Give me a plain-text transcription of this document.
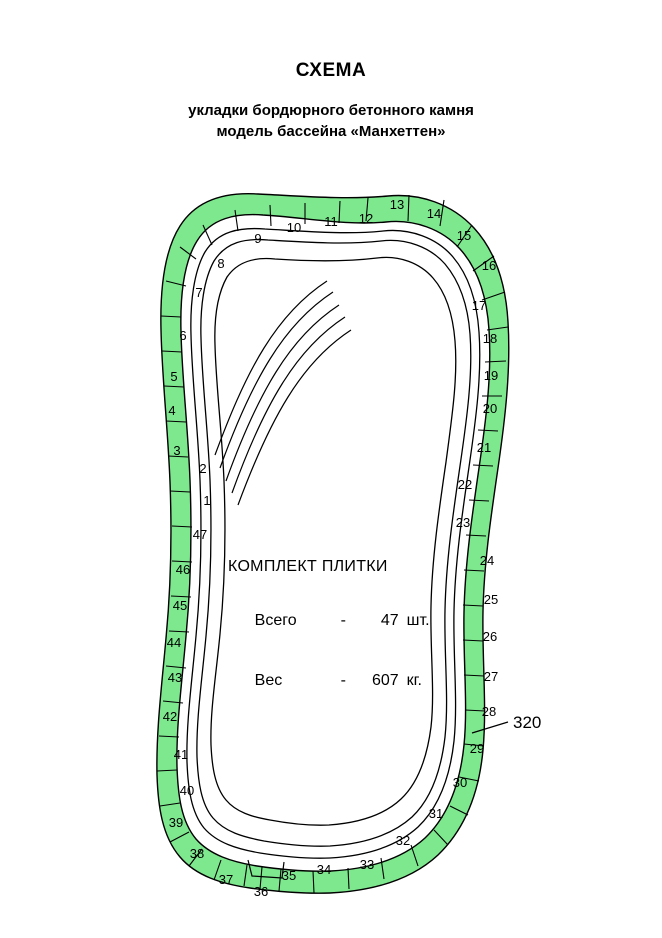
СХЕМА
укладки бордюрного бетонного камня
модель бассейна «Манхеттен»
1
2
3
4
5
6
7
8
9
10 11 12
13
14
15
16
17
18
19
20
21
22
23
24
25
26
27
28
29
30
31
32
33
34
35
36
37
38
39
40
41
42
43
44
45
46
47
КОМПЛЕКТ ПЛИТКИ

Всего	- 47 шт.

Вес	- 607 кг.

320
